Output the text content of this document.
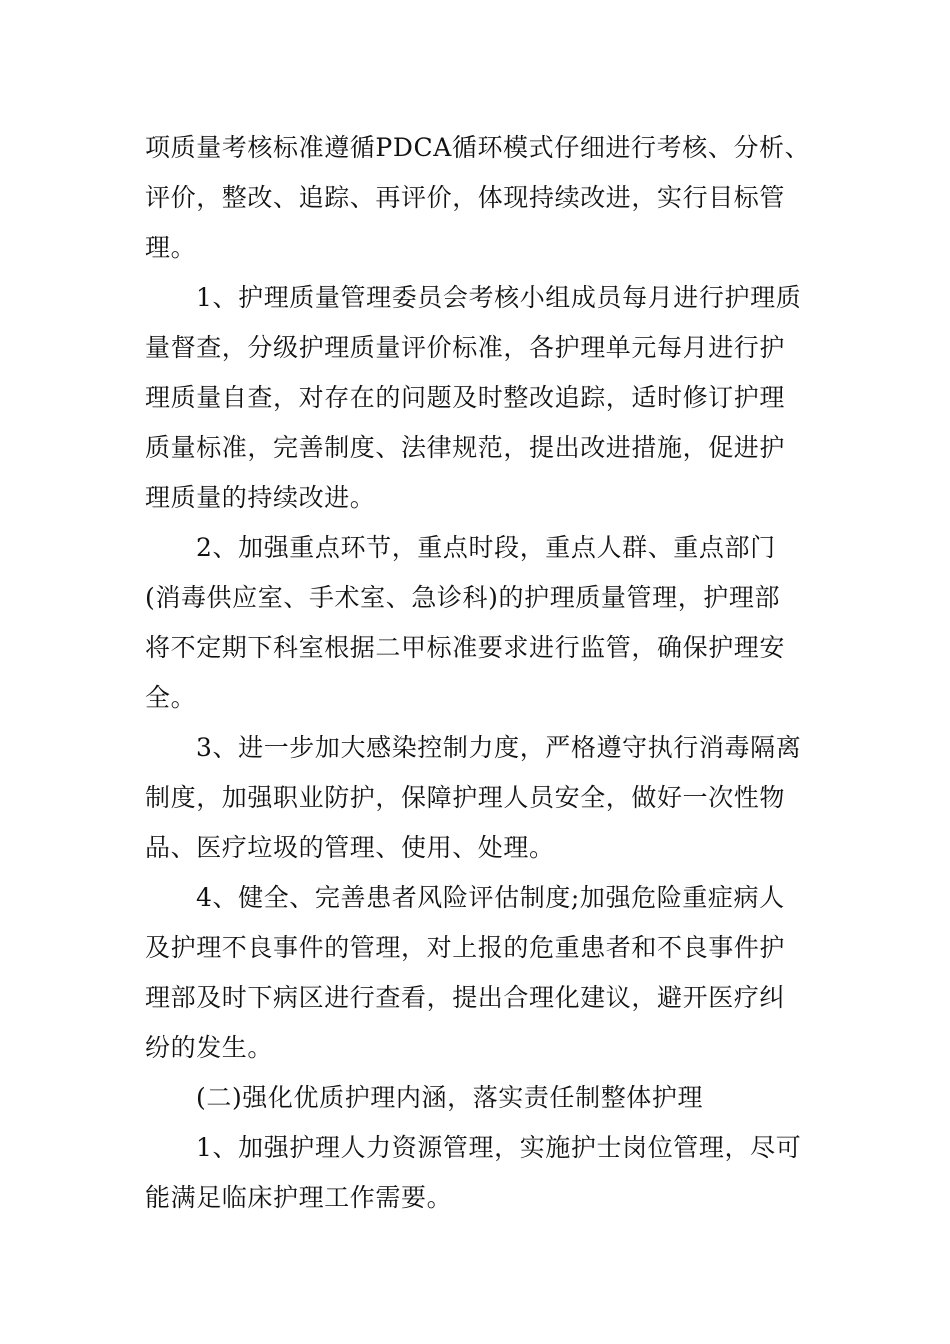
项质量考核标准遵循PDCA循环模式仔细进行考核、分析、
评价，整改、追踪、再评价，体现持续改进，实行目标管
理。
1、护理质量管理委员会考核小组成员每月进行护理质
量督查，分级护理质量评价标准，各护理单元每月进行护
理质量自查，对存在的问题及时整改追踪，适时修订护理
质量标准，完善制度、法律规范，提出改进措施，促进护
理质量的持续改进。
2、加强重点环节，重点时段，重点人群、重点部门
(消毒供应室、手术室、急诊科)的护理质量管理，护理部
将不定期下科室根据二甲标准要求进行监管，确保护理安
全。
3、进一步加大感染控制力度，严格遵守执行消毒隔离
制度，加强职业防护，保障护理人员安全，做好一次性物
品、医疗垃圾的管理、使用、处理。
4、健全、完善患者风险评估制度;加强危险重症病人
及护理不良事件的管理，对上报的危重患者和不良事件护
理部及时下病区进行查看，提出合理化建议，避开医疗纠
纷的发生。
(二)强化优质护理内涵，落实责任制整体护理
1、加强护理人力资源管理，实施护士岗位管理，尽可
能满足临床护理工作需要。
